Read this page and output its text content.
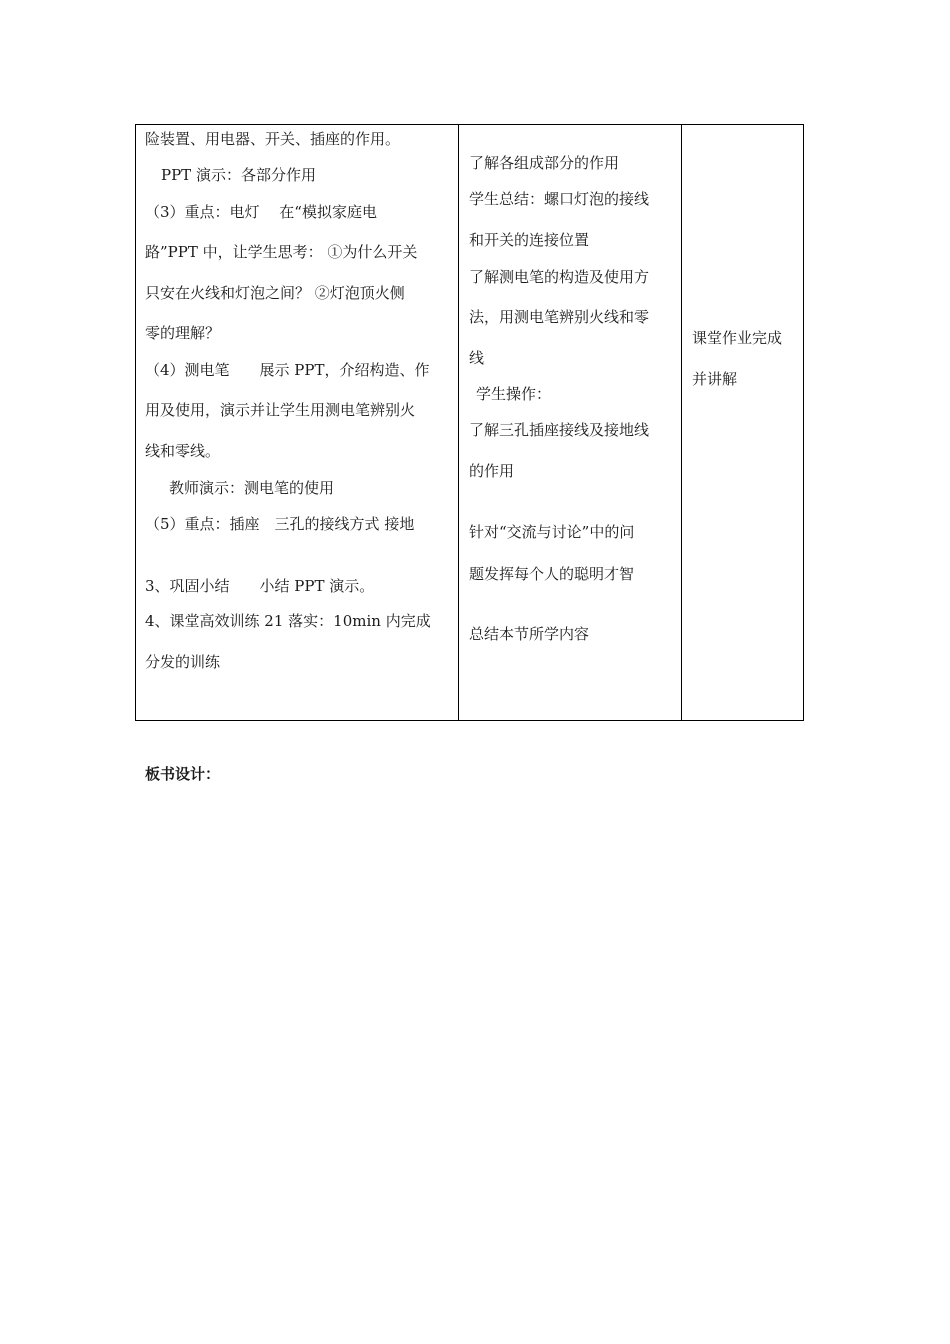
险装置、用电器、开关、插座的作用。
PPT 演示：各部分作用
（3）重点：电灯　 在“模拟家庭电
路”PPT 中，让学生思考： ①为什么开关
只安在火线和灯泡之间？ ②灯泡顶火侧
零的理解？
（4）测电笔　　展示 PPT，介绍构造、作
用及使用，演示并让学生用测电笔辨别火
线和零线。
教师演示：测电笔的使用
（5）重点：插座　三孔的接线方式 接地
3、巩固小结　　小结 PPT 演示。
4、课堂高效训练 21 落实：10min 内完成
分发的训练
了解各组成部分的作用
学生总结：螺口灯泡的接线
和开关的连接位置
了解测电笔的构造及使用方
法，用测电笔辨别火线和零
线
学生操作：
了解三孔插座接线及接地线
的作用
针对“交流与讨论”中的问
题发挥每个人的聪明才智
总结本节所学内容
课堂作业完成
并讲解
板书设计：
